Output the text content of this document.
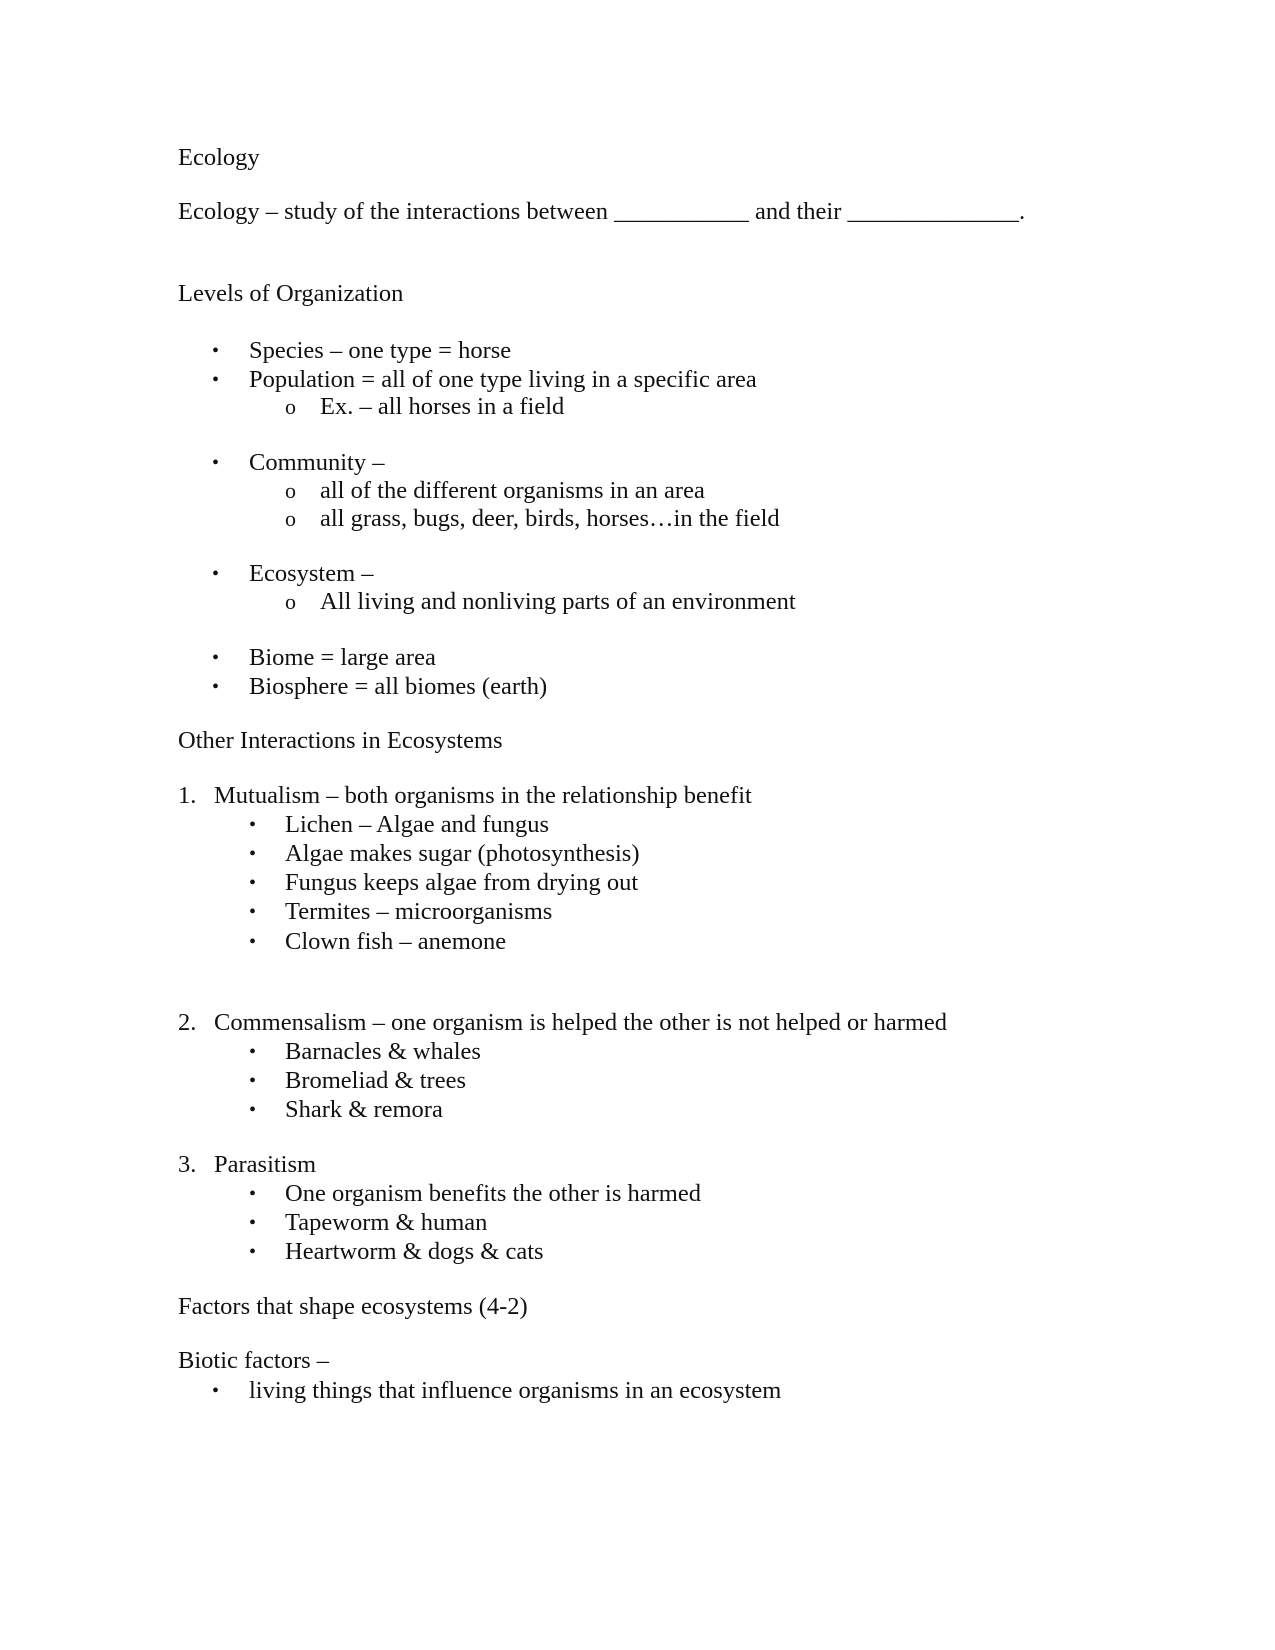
Ecology
Ecology – study of the interactions between ___________ and their ______________.
Levels of Organization
• Species – one type = horse
• Population = all of one type living in a specific area
o Ex. – all horses in a field
• Community –
o all of the different organisms in an area
o all grass, bugs, deer, birds, horses…in the field
• Ecosystem –
o All living and nonliving parts of an environment
• Biome = large area
• Biosphere = all biomes (earth)
Other Interactions in Ecosystems
1. Mutualism – both organisms in the relationship benefit
• Lichen – Algae and fungus
• Algae makes sugar (photosynthesis)
• Fungus keeps algae from drying out
• Termites – microorganisms
• Clown fish – anemone
2. Commensalism – one organism is helped the other is not helped or harmed
• Barnacles & whales
• Bromeliad & trees
• Shark & remora
3. Parasitism
• One organism benefits the other is harmed
• Tapeworm & human
• Heartworm & dogs & cats
Factors that shape ecosystems (4-2)
Biotic factors –
• living things that influence organisms in an ecosystem
